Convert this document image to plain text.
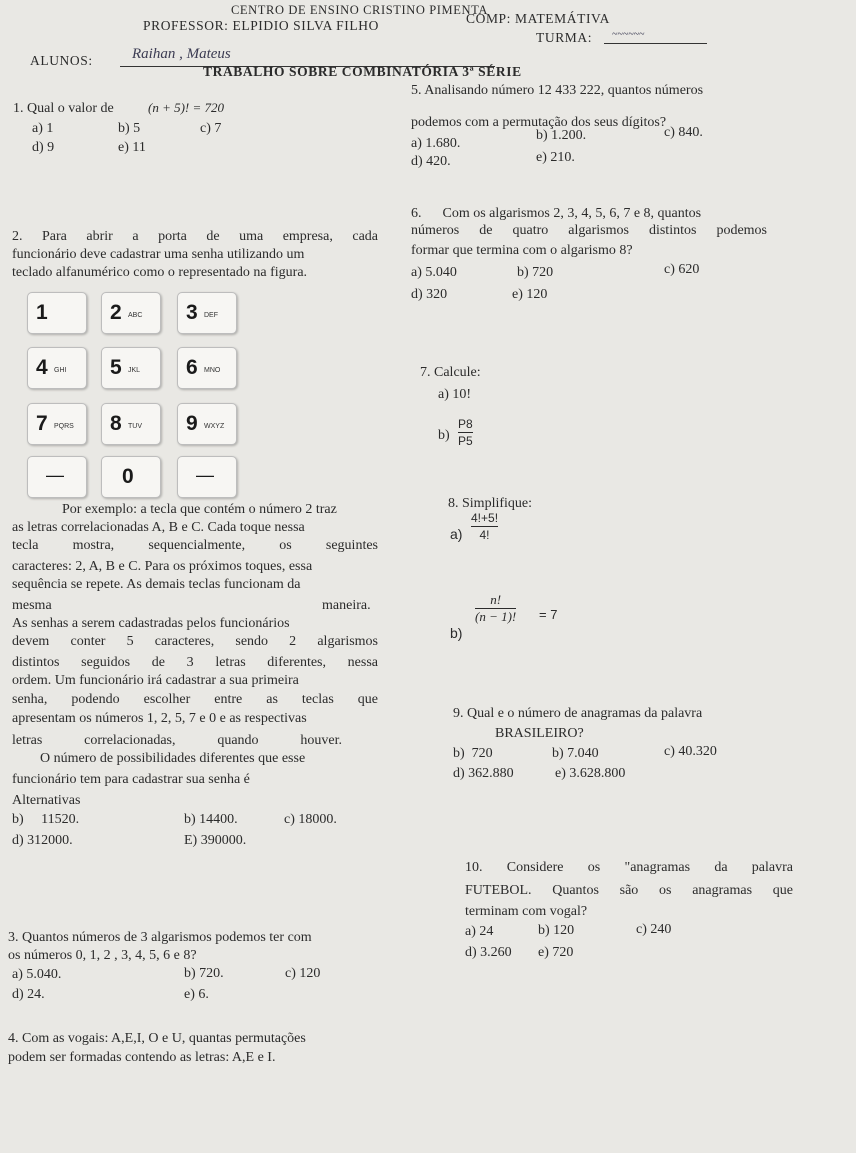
CENTRO DE ENSINO CRISTINO PIMENTA
PROFESSOR: ELPIDIO SILVA FILHO	COMP: MATEMÁTIVA
TURMA: ~~~~~~
ALUNOS:	Raihan , Mateus
TRABALHO SOBRE COMBINATÓRIA 3ª SÉRIE
1. Qual o valor de	(n + 5)! = 720
a) 1	b) 5	c) 7
d) 9	e) 11
2. Para abrir a porta de uma empresa, cada
funcionário deve cadastrar uma senha utilizando um
teclado alfanumérico como o representado na figura.
1	2 ABC 3 DEF
4 GHI 5 JKL 6 MNO
7 PQRS 8 TUV 9 WXYZ
—	0	—
Por exemplo: a tecla que contém o número 2 traz
as letras correlacionadas A, B e C. Cada toque nessa
tecla mostra, sequencialmente, os seguintes
caracteres: 2, A, B e C. Para os próximos toques, essa
sequência se repete. As demais teclas funcionam da
mesma	maneira.
As senhas a serem cadastradas pelos funcionários
devem conter 5 caracteres, sendo 2 algarismos
distintos seguidos de 3 letras diferentes, nessa
ordem. Um funcionário irá cadastrar a sua primeira
senha, podendo escolher entre as teclas que
apresentam os números 1, 2, 5, 7 e 0 e as respectivas
letras correlacionadas, quando houver.
O número de possibilidades diferentes que esse
funcionário tem para cadastrar sua senha é
Alternativas
b) 11520.	b) 14400.	c) 18000.
d) 312000.	E) 390000.
3. Quantos números de 3 algarismos podemos ter com
os números 0, 1, 2 , 3, 4, 5, 6 e 8?
a) 5.040.	b) 720.	c) 120
d) 24.	e) 6.
4. Com as vogais: A,E,I, O e U, quantas permutações
podem ser formadas contendo as letras: A,E e I.
5. Analisando número 12 433 222, quantos números
podemos com a permutação dos seus dígitos?
a) 1.680.
b) 1.200.	c) 840.
d) 420.	e) 210.
6.      Com os algarismos 2, 3, 4, 5, 6, 7 e 8, quantos
números de quatro algarismos distintos podemos
formar que termina com o algarismo 8?
a) 5.040	b) 720	c) 620
d) 320	e) 120
7. Calcule:
a) 10!
b)
P8
P5
8. Simplifique:
a)
4!+5!
4!
b)
n!
(n − 1)! = 7
9. Qual e o número de anagramas da palavra
BRASILEIRO?
b)  720	b) 7.040	c) 40.320
d) 362.880	e) 3.628.800
10. Considere os "anagramas da palavra
FUTEBOL. Quantos são os anagramas que
terminam com vogal?
a) 24	b) 120	c) 240
d) 3.260 e) 720
